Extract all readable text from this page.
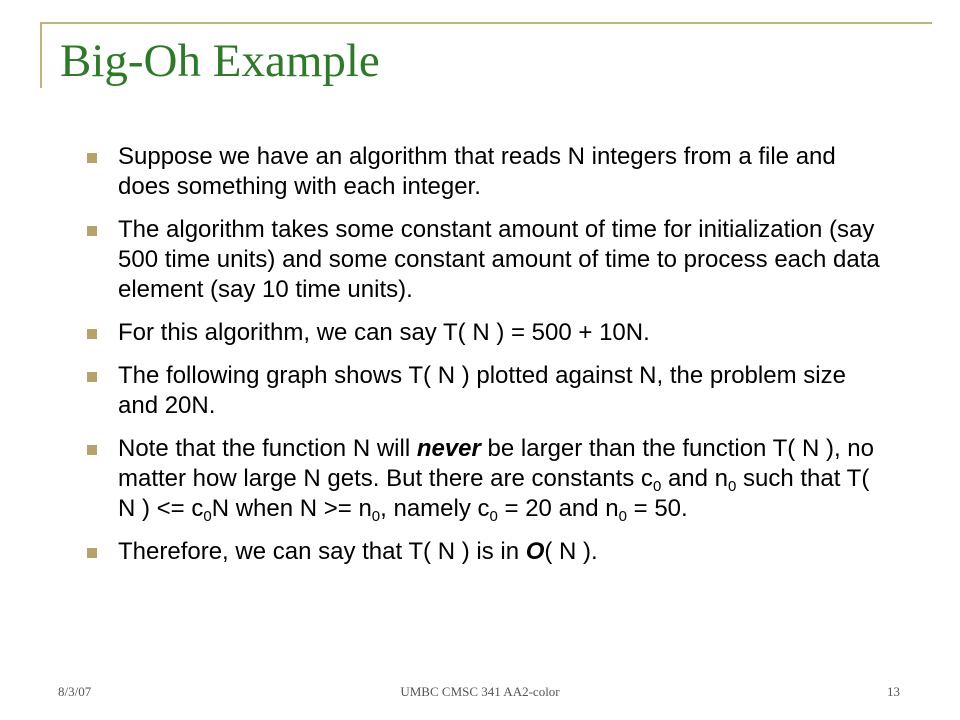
Big-Oh Example
Suppose we have an algorithm that reads N integers from a file and does something with each integer.
The algorithm takes some constant amount of time for initialization (say 500 time units) and some constant amount of time to process each data element (say 10 time units).
For this algorithm, we can say T( N ) = 500 + 10N.
The following graph shows T( N ) plotted against N, the problem size and 20N.
Note that the function N will never be larger than the function T( N ), no matter how large N gets. But there are constants $c_0$ and $n_0$ such that T( N ) <= $c_0N$ when $N >= n_0$, namely $c_0 = 20$ and $n_0 = 50$.
Therefore, we can say that T( N ) is in O( N ).
8/3/07	UMBC CMSC 341 AA2-color	13
